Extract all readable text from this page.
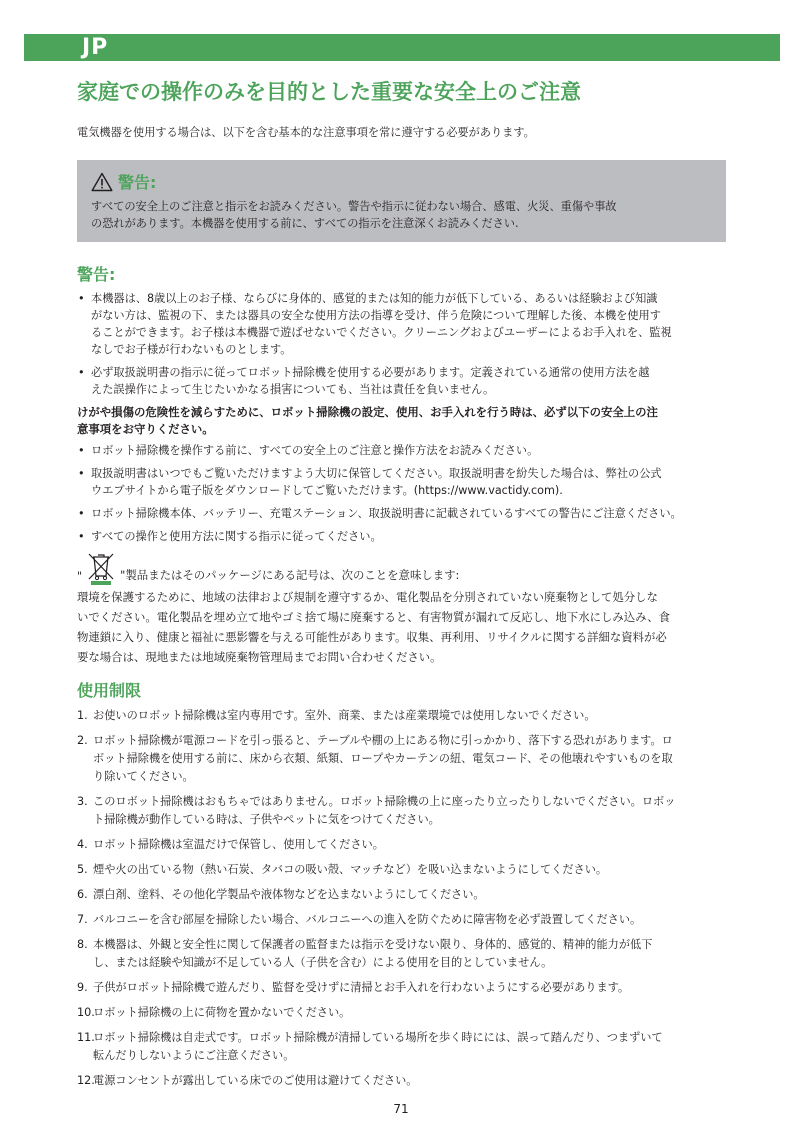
JP
家庭での操作のみを目的とした重要な安全上のご注意

電気機器を使用する場合は、以下を含む基本的な注意事項を常に遵守する必要があります。

警告:

すべての安全上のご注意と指示をお読みください。警告や指示に従わない場合、感電、火災、重傷や事故
の恐れがあります。本機器を使用する前に、すべての指示を注意深くお読みください.

警告:

• 本機器は、8歳以上のお子様、ならびに身体的、感覚的または知的能力が低下している、あるいは経験および知識
がない方は、監視の下、または器具の安全な使用方法の指導を受け、伴う危険について理解した後、本機を使用す
ることができます。お子様は本機器で遊ばせないでください。クリーニングおよびユーザーによるお手入れを、監視
なしでお子様が行わないものとします。

• 必ず取扱説明書の指示に従ってロボット掃除機を使用する必要があります。定義されている通常の使用方法を越
えた誤操作によって生じたいかなる損害についても、当社は責任を負いません。

けがや損傷の危険性を減らすために、ロボット掃除機の設定、使用、お手入れを行う時は、必ず以下の安全上の注
意事項をお守りください。

• ロボット掃除機を操作する前に、すべての安全上のご注意と操作方法をお読みください。

• 取扱説明書はいつでもご覧いただけますよう大切に保管してください。取扱説明書を紛失した場合は、弊社の公式
ウエブサイトから電子版をダウンロードしてご覧いただけます。(https://www.vactidy.com).

• ロボット掃除機本体、バッテリー、充電ステーション、取扱説明書に記載されているすべての警告にご注意ください。

• すべての操作と使用方法に関する指示に従ってください。

"	" 製品またはそのパッケージにある記号は、次のことを意味します:

環境を保護するために、地域の法律および規制を遵守するか、電化製品を分別されていない廃棄物として処分しな
いでください。電化製品を埋め立て地やゴミ捨て場に廃棄すると、有害物質が漏れて反応し、地下水にしみ込み、食
物連鎖に入り、健康と福祉に悪影響を与える可能性があります。収集、再利用、リサイクルに関する詳細な資料が必
要な場合は、現地または地域廃棄物管理局までお問い合わせください。

使用制限
1. お使いのロボット掃除機は室内専用です。室外、商業、または産業環境では使用しないでください。
2. ロボット掃除機が電源コードを引っ張ると、テーブルや棚の上にある物に引っかかり、落下する恐れがあります。ロ
ボット掃除機を使用する前に、床から衣類、紙類、ロープやカーテンの紐、電気コード、その他壊れやすいものを取
り除いてください。
3. このロボット掃除機はおもちゃではありません。ロボット掃除機の上に座ったり立ったりしないでください。ロボッ
ト掃除機が動作している時は、子供やペットに気をつけてください。
4. ロボット掃除機は室温だけで保管し、使用してください。
5. 煙や火の出ている物（熱い石炭、タバコの吸い殻、マッチなど）を吸い込まないようにしてください。
6. 漂白剤、塗料、その他化学製品や液体物などを込まないようにしてください。
7. バルコニーを含む部屋を掃除したい場合、バルコニーへの進入を防ぐために障害物を必ず設置してください。
8. 本機器は、外観と安全性に関して保護者の監督または指示を受けない限り、身体的、感覚的、精神的能力が低下
し、または経験や知識が不足している人（子供を含む）による使用を目的としていません。
9. 子供がロボット掃除機で遊んだり、監督を受けずに清掃とお手入れを行わないようにする必要があります。
10.
ロボット掃除機の上に荷物を置かないでください。
11.
ロボット掃除機は自走式です。ロボット掃除機が清掃している場所を歩く時にには、誤って踏んだり、つまずいて
転んだりしないようにご注意ください。
12.
電源コンセントが露出している床でのご使用は避けてください。
71
